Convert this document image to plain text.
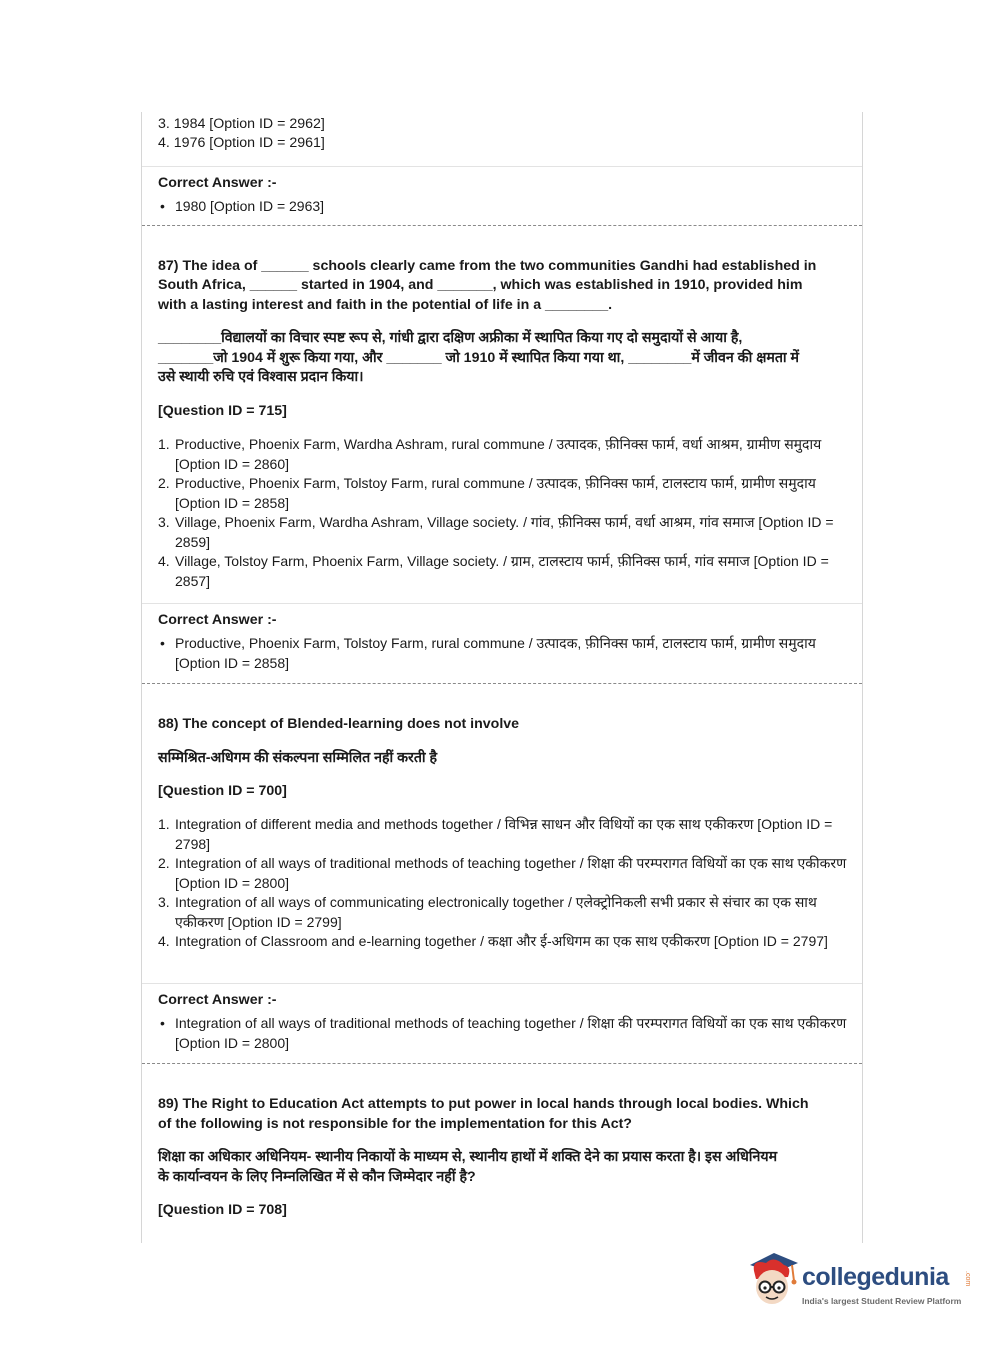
3. 1984 [Option ID = 2962]
4. 1976 [Option ID = 2961]
Correct Answer :-
• 1980 [Option ID = 2963]
87) The idea of ______ schools clearly came from the two communities Gandhi had established in
South Africa, ______ started in 1904, and _______, which was established in 1910, provided him
with a lasting interest and faith in the potential of life in a ________.
________विद्यालयों का विचार स्पष्ट रूप से, गांधी द्वारा दक्षिण अफ्रीका में स्थापित किया गए दो समुदायों से आया है,
_______जो 1904 में शुरू किया गया, और _______ जो 1910 में स्थापित किया गया था, ________में जीवन की क्षमता में
उसे स्थायी रुचि एवं विश्वास प्रदान किया।
[Question ID = 715]
1. Productive, Phoenix Farm, Wardha Ashram, rural commune / उत्पादक, फ़ीनिक्स फार्म, वर्धा आश्रम, ग्रामीण समुदाय [Option ID = 2860]
2. Productive, Phoenix Farm, Tolstoy Farm, rural commune / उत्पादक, फ़ीनिक्स फार्म, टालस्टाय फार्म, ग्रामीण समुदाय [Option ID = 2858]
3. Village, Phoenix Farm, Wardha Ashram, Village society. / गांव, फ़ीनिक्स फार्म, वर्धा आश्रम, गांव समाज [Option ID = 2859]
4. Village, Tolstoy Farm, Phoenix Farm, Village society. / ग्राम, टालस्टाय फार्म, फ़ीनिक्स फार्म, गांव समाज [Option ID = 2857]
Correct Answer :-
• Productive, Phoenix Farm, Tolstoy Farm, rural commune / उत्पादक, फ़ीनिक्स फार्म, टालस्टाय फार्म, ग्रामीण समुदाय [Option ID = 2858]
88) The concept of Blended-learning does not involve
सम्मिश्रित-अधिगम की संकल्पना सम्मिलित नहीं करती है
[Question ID = 700]
1. Integration of different media and methods together / विभिन्न साधन और विधियों का एक साथ एकीकरण [Option ID = 2798]
2. Integration of all ways of traditional methods of teaching together / शिक्षा की परम्परागत विधियों का एक साथ एकीकरण [Option ID = 2800]
3. Integration of all ways of communicating electronically together / एलेक्ट्रोनिकली सभी प्रकार से संचार का एक साथ एकीकरण [Option ID = 2799]
4. Integration of Classroom and e-learning together / कक्षा और ई-अधिगम का एक साथ एकीकरण [Option ID = 2797]
Correct Answer :-
• Integration of all ways of traditional methods of teaching together / शिक्षा की परम्परागत विधियों का एक साथ एकीकरण [Option ID = 2800]
89) The Right to Education Act attempts to put power in local hands through local bodies. Which
of the following is not responsible for the implementation for this Act?
शिक्षा का अधिकार अधिनियम- स्थानीय निकायों के माध्यम से, स्थानीय हाथों में शक्ति देने का प्रयास करता है। इस अधिनियम
के कार्यान्वयन के लिए निम्नलिखित में से कौन जिम्मेदार नहीं है?
[Question ID = 708]
collegedunia .com
India's largest Student Review Platform
